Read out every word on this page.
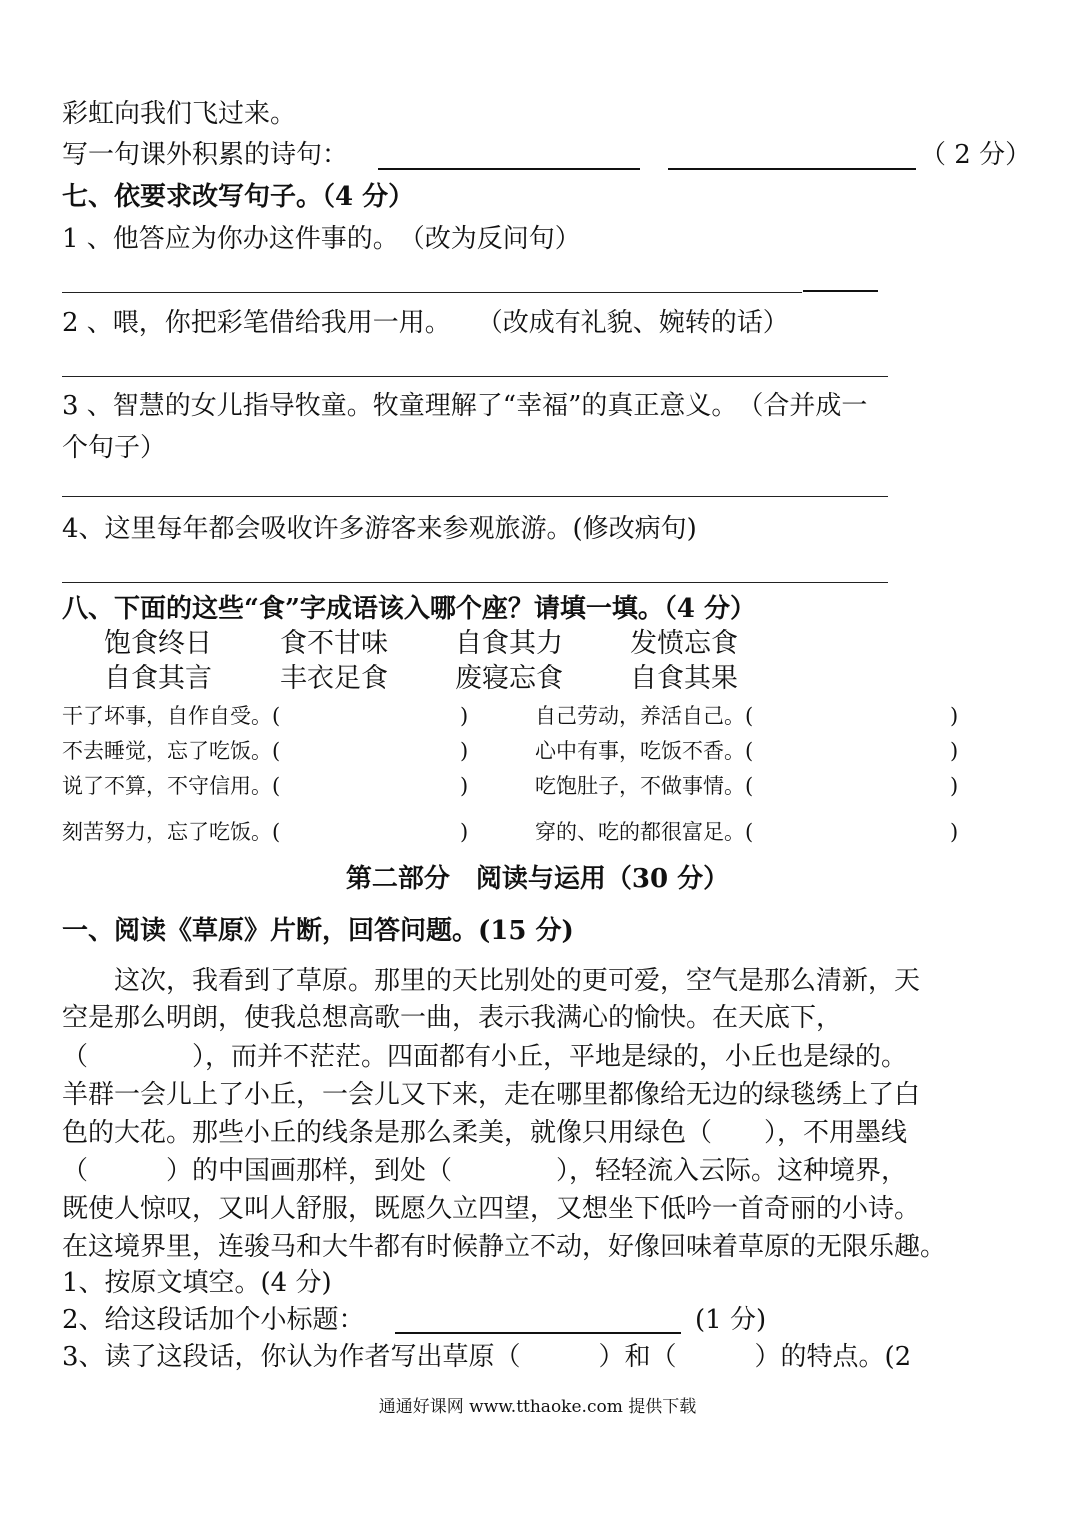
彩虹向我们飞过来。
写一句课外积累的诗句：	（ 2 分）
七、依要求改写句子。（4 分）
1 、他答应为你办这件事的。　（改为反问句）
2 、喂，你把彩笔借给我用一用。　　（改成有礼貌、婉转的话）
3 、智慧的女儿指导牧童。牧童理解了“幸福”的真正意义。　（合并成一
个句子）
4、这里每年都会吸收许多游客来参观旅游。(修改病句)
八、下面的这些“食”字成语该入哪个座？请填一填。（4 分）
饱食终日	食不甘味 自食其力 发愤忘食
自食其言	丰衣足食 废寝忘食 自食其果
干了坏事，自作自受。(	)	自己劳动，养活自己。(	)
不去睡觉，忘了吃饭。(	)	心中有事，吃饭不香。(	)
说了不算，不守信用。(	)	吃饱肚子，不做事情。(	)
刻苦努力，忘了吃饭。(	)	穿的、吃的都很富足。(	)
第二部分　阅读与运用（30 分）
一、阅读《草原》片断，回答问题。(15 分)
　　这次，我看到了草原。那里的天比别处的更可爱，空气是那么清新，天
空是那么明朗，使我总想高歌一曲，表示我满心的愉快。在天底下，
（　　　　），而并不茫茫。四面都有小丘，平地是绿的，小丘也是绿的。
羊群一会儿上了小丘，一会儿又下来，走在哪里都像给无边的绿毯绣上了白
色的大花。那些小丘的线条是那么柔美，就像只用绿色（　　），不用墨线
（　　　）的中国画那样，到处（　　　　），轻轻流入云际。这种境界，
既使人惊叹，又叫人舒服，既愿久立四望，又想坐下低吟一首奇丽的小诗。
在这境界里，连骏马和大牛都有时候静立不动，好像回味着草原的无限乐趣。
1、按原文填空。(4 分)
2、给这段话加个小标题：	(1 分)
3、读了这段话，你认为作者写出草原（　　　）和（　　　）的特点。(2
通通好课网 www.tthaoke.com 提供下载
